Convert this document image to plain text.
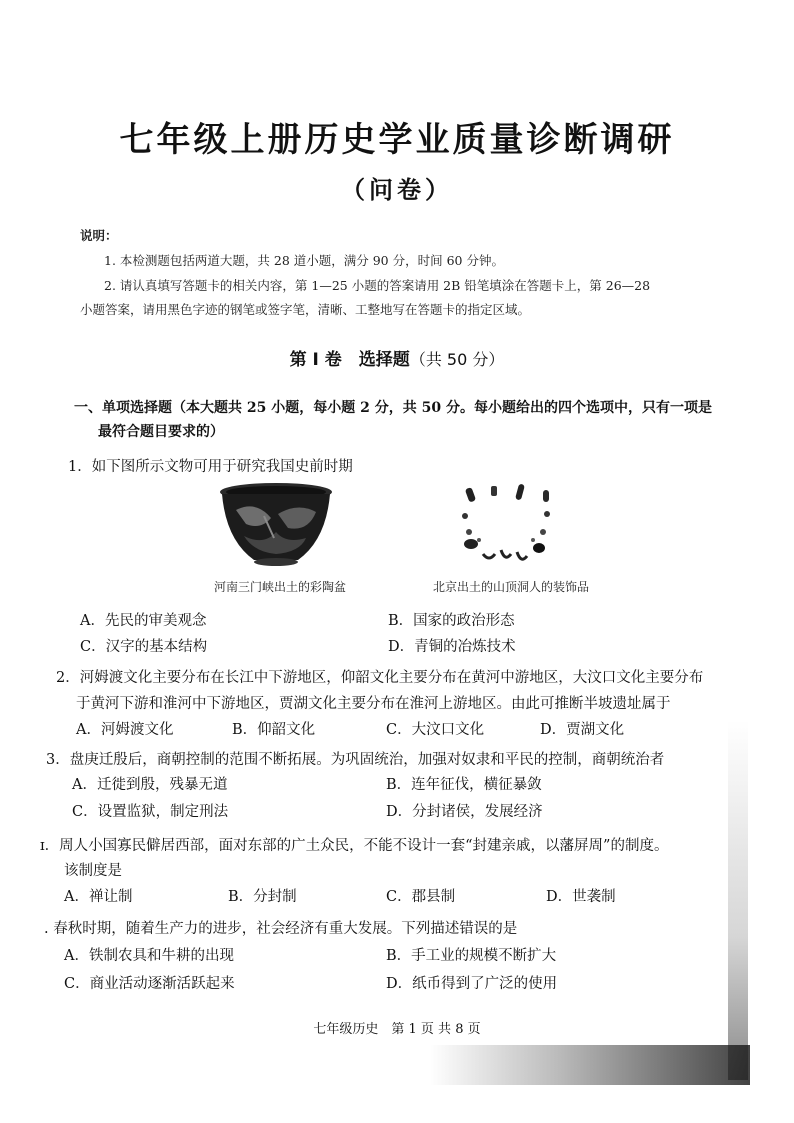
七年级上册历史学业质量诊断调研
（问卷）
说明：
1. 本检测题包括两道大题，共 28 道小题，满分 90 分，时间 60 分钟。
2. 请认真填写答题卡的相关内容，第 1—25 小题的答案请用 2B 铅笔填涂在答题卡上，第 26—28
小题答案，请用黑色字迹的钢笔或签字笔，清晰、工整地写在答题卡的指定区域。
第 Ⅰ 卷　选择题（共 50 分）
一、单项选择题（本大题共 25 小题，每小题 2 分，共 50 分。每小题给出的四个选项中，只有一项是
最符合题目要求的）
1．如下图所示文物可用于研究我国史前时期
河南三门峡出土的彩陶盆	北京出土的山顶洞人的装饰品
A．先民的审美观念	B．国家的政治形态
C．汉字的基本结构	D．青铜的冶炼技术
2．河姆渡文化主要分布在长江中下游地区，仰韶文化主要分布在黄河中游地区，大汶口文化主要分布
于黄河下游和淮河中下游地区，贾湖文化主要分布在淮河上游地区。由此可推断半坡遗址属于
A．河姆渡文化	B．仰韶文化	C．大汶口文化	D．贾湖文化
3．盘庚迁殷后，商朝控制的范围不断拓展。为巩固统治，加强对奴隶和平民的控制，商朝统治者
A．迁徙到殷，残暴无道	B．连年征伐，横征暴敛
C．设置监狱，制定刑法	D．分封诸侯，发展经济
ɪ．周人小国寡民僻居西部，面对东部的广土众民，不能不设计一套“封建亲戚，以藩屏周”的制度。
该制度是
A．禅让制	B．分封制	C．郡县制	D．世袭制
. 春秋时期，随着生产力的进步，社会经济有重大发展。下列描述错误的是
A．铁制农具和牛耕的出现	B．手工业的规模不断扩大
C．商业活动逐渐活跃起来	D．纸币得到了广泛的使用
七年级历史　第 1 页 共 8 页
